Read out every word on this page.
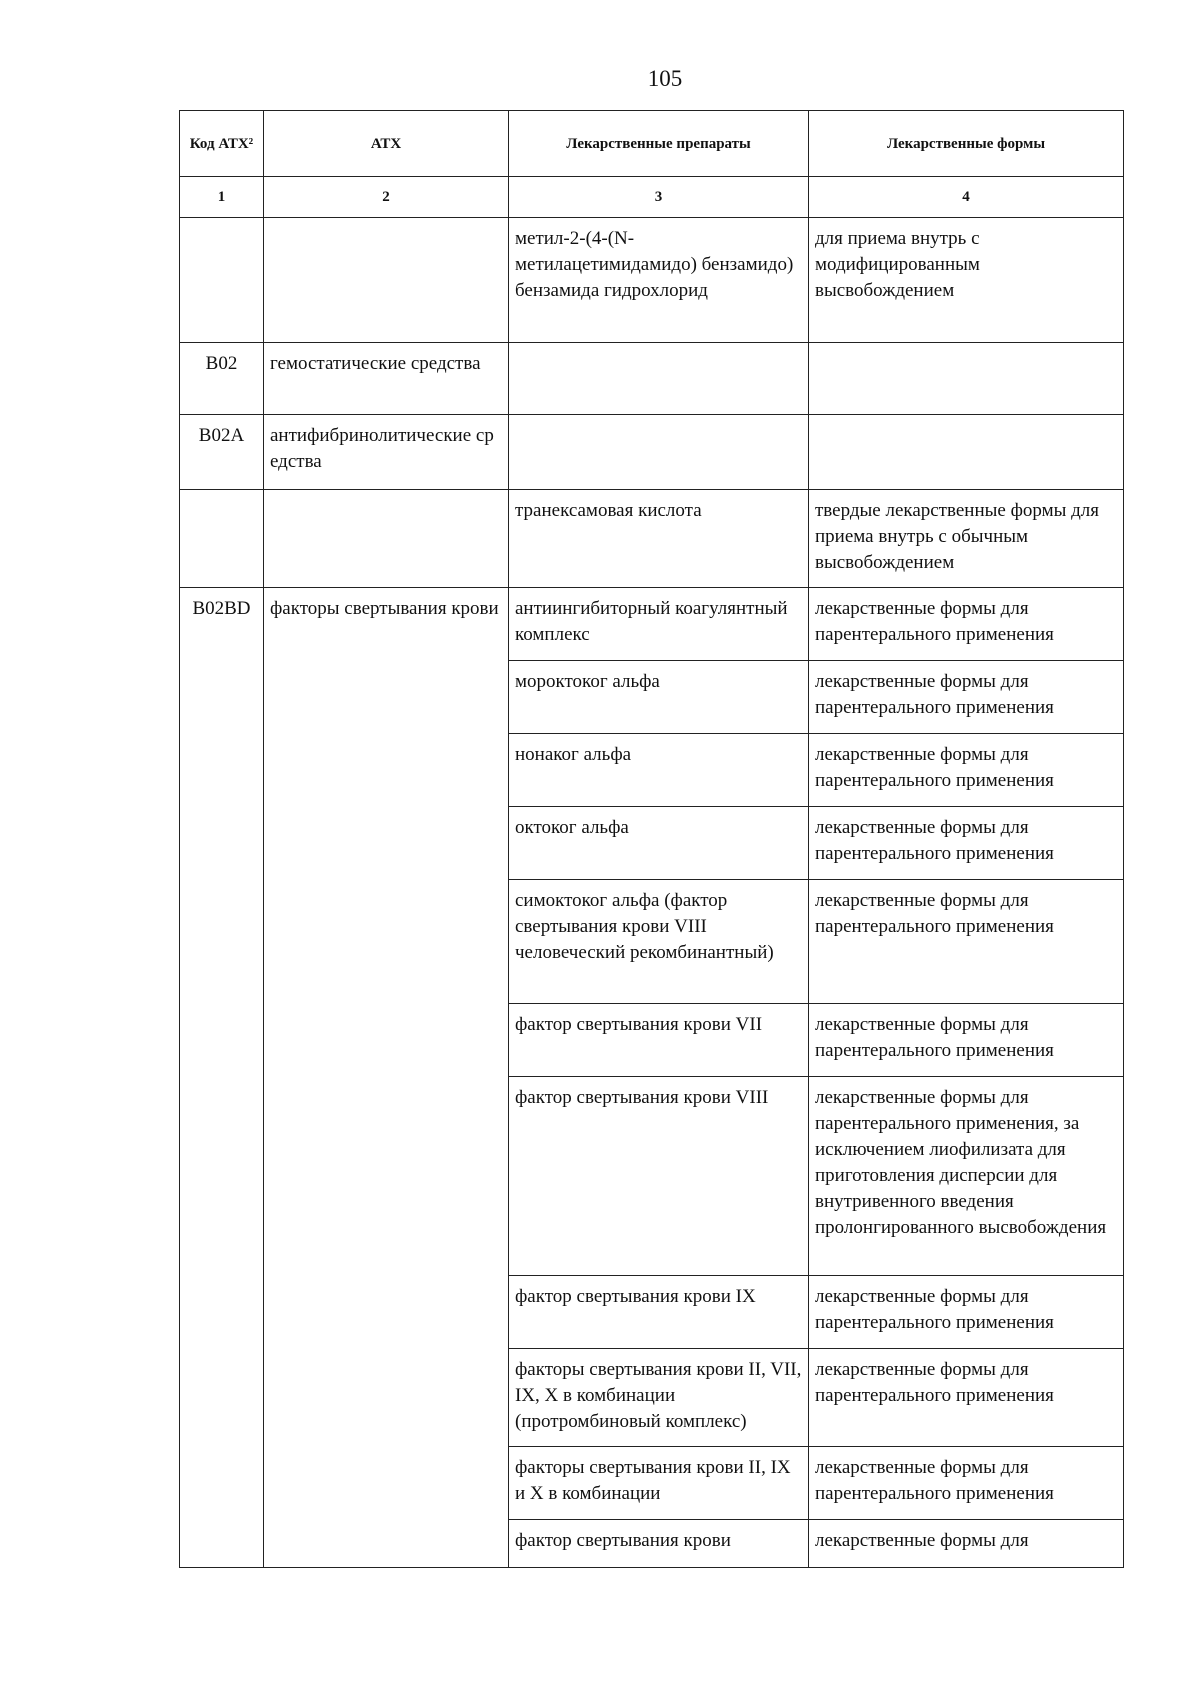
105
Код АТХ²	АТХ	Лекарственные препараты	Лекарственные формы
1	2	3	4
		метил-2-(4-(N-метилацетимидамидо) бензамидо) бензамида гидрохлорид	для приема внутрь с модифицированным высвобождением
B02	гемостатические средства		
B02A	антифибринолитические средства		
		транексамовая кислота	твердые лекарственные формы для приема внутрь с обычным высвобождением
B02BD	факторы свертывания крови	антиингибиторный коагулянтный комплекс	лекарственные формы для парентерального применения
		мороктоког альфа	лекарственные формы для парентерального применения
		нонаког альфа	лекарственные формы для парентерального применения
		октоког альфа	лекарственные формы для парентерального применения
		симоктоког альфа (фактор свертывания крови VIII человеческий рекомбинантный)	лекарственные формы для парентерального применения
		фактор свертывания крови VII	лекарственные формы для парентерального применения
		фактор свертывания крови VIII	лекарственные формы для парентерального применения, за исключением лиофилизата для приготовления дисперсии для внутривенного введения пролонгированного высвобождения
		фактор свертывания крови IX	лекарственные формы для парентерального применения
		факторы свертывания крови II, VII, IX, X в комбинации (протромбиновый комплекс)	лекарственные формы для парентерального применения
		факторы свертывания крови II, IX и X в комбинации	лекарственные формы для парентерального применения
		фактор свертывания крови	лекарственные формы для
